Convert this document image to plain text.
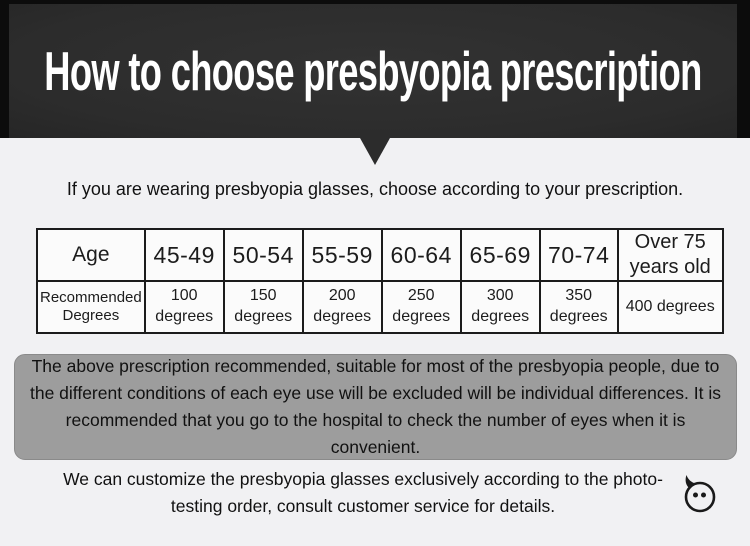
How to choose presbyopia prescription

If you are wearing presbyopia glasses, choose according to your prescription.

Age	45-49	50-54	55-59	60-64	65-69	70-74	Over 75 years old
Recommended Degrees	100 degrees	150 degrees	200 degrees	250 degrees	300 degrees	350 degrees	400 degrees

The above prescription recommended, suitable for most of the presbyopia people, due to the different conditions of each eye use will be excluded will be individual differences. It is recommended that you go to the hospital to check the number of eyes when it is convenient.

We can customize the presbyopia glasses exclusively according to the photo-testing order, consult customer service for details.
